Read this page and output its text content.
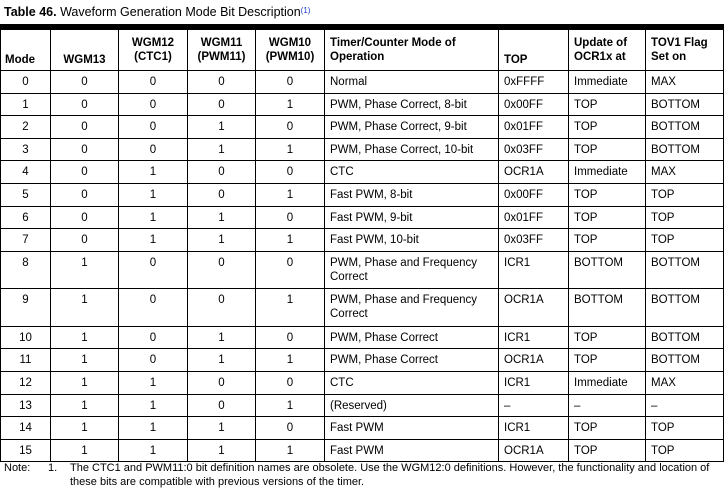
Table 46. Waveform Generation Mode Bit Description$^{(1)}$
Mode	WGM13	WGM12 (CTC1)	WGM11 (PWM11)	WGM10 (PWM10)	Timer/Counter Mode of Operation	TOP	Update of OCR1x at	TOV1 Flag Set on
0	0	0	0	0	Normal	0xFFFF	Immediate	MAX
1	0	0	0	1	PWM, Phase Correct, 8-bit	0x00FF	TOP	BOTTOM
2	0	0	1	0	PWM, Phase Correct, 9-bit	0x01FF	TOP	BOTTOM
3	0	0	1	1	PWM, Phase Correct, 10-bit	0x03FF	TOP	BOTTOM
4	0	1	0	0	CTC	OCR1A	Immediate	MAX
5	0	1	0	1	Fast PWM, 8-bit	0x00FF	TOP	TOP
6	0	1	1	0	Fast PWM, 9-bit	0x01FF	TOP	TOP
7	0	1	1	1	Fast PWM, 10-bit	0x03FF	TOP	TOP
8	1	0	0	0	PWM, Phase and Frequency Correct	ICR1	BOTTOM	BOTTOM
9	1	0	0	1	PWM, Phase and Frequency Correct	OCR1A	BOTTOM	BOTTOM
10	1	0	1	0	PWM, Phase Correct	ICR1	TOP	BOTTOM
11	1	0	1	1	PWM, Phase Correct	OCR1A	TOP	BOTTOM
12	1	1	0	0	CTC	ICR1	Immediate	MAX
13	1	1	0	1	(Reserved)	–	–	–
14	1	1	1	0	Fast PWM	ICR1	TOP	TOP
15	1	1	1	1	Fast PWM	OCR1A	TOP	TOP
Note: 1. The CTC1 and PWM11:0 bit definition names are obsolete. Use the WGM12:0 definitions. However, the functionality and location of these bits are compatible with previous versions of the timer.
